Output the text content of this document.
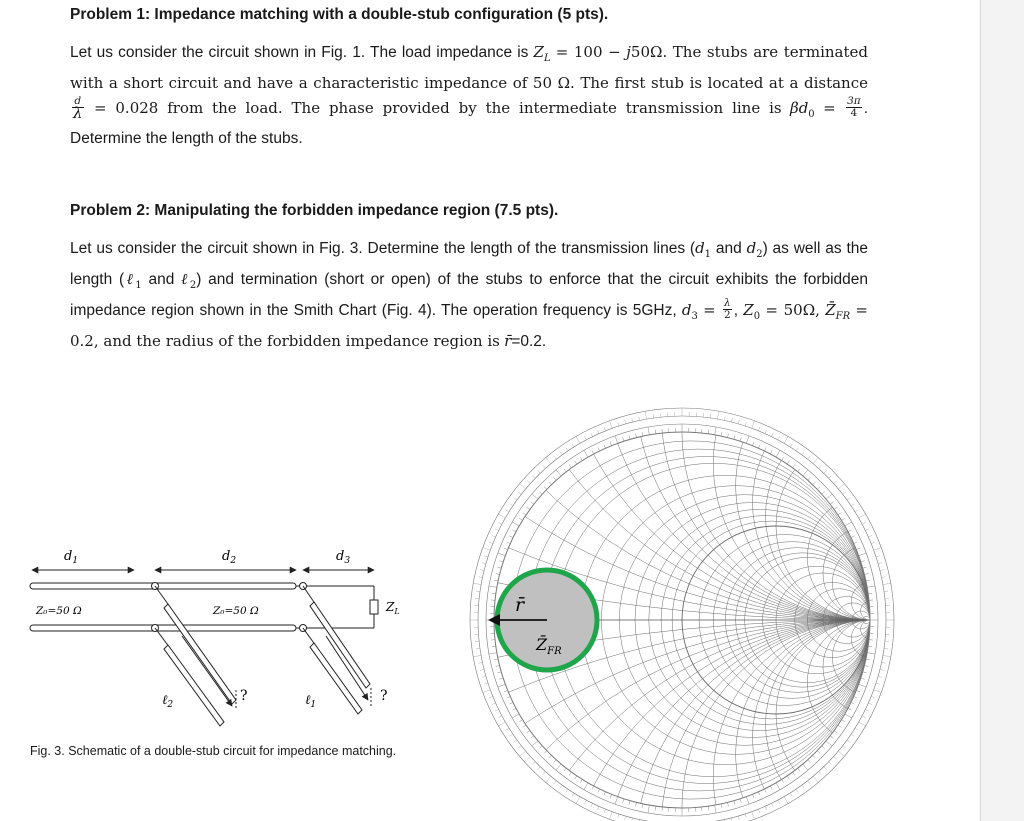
Problem 1: Impedance matching with a double-stub configuration (5 pts).
Let us consider the circuit shown in Fig. 1. The load impedance is $Z_L = 100 - j50\Omega$. The stubs are terminated with a short circuit and have a characteristic impedance of 50 Ω. The first stub is located at a distance
$\frac{d}{\lambda} = 0.028$ from the load. The phase provided by the intermediate transmission line is $\beta d_0 = \frac{3\pi}{4}$ . Determine the length of the stubs.
Problem 2: Manipulating the forbidden impedance region (7.5 pts).
Let us consider the circuit shown in Fig. 3. Determine the length of the transmission lines ($d_1$ and $d_2$) as well as the length (ℓ$_1$ and ℓ$_2$) and termination (short or open) of the stubs to enforce that the circuit exhibits the forbidden impedance region shown in the Smith Chart (Fig. 4). The operation frequency is 5GHz, $d_3 = \frac{\lambda}{2}$ , $Z_0 = 50\Omega$, $Z̄_{FR} = 0.2$, and the radius of the forbidden impedance region is r̄=0.2.
$d_1$	$d_2$	$d_3$
$Z_L$
ℓ$_2$
?	ℓ$_1$
?
Z₀=50 Ω	Z₀=50 Ω
Fig. 3. Schematic of a double-stub circuit for impedance matching.
r̄
$Z̄_{FR}$
